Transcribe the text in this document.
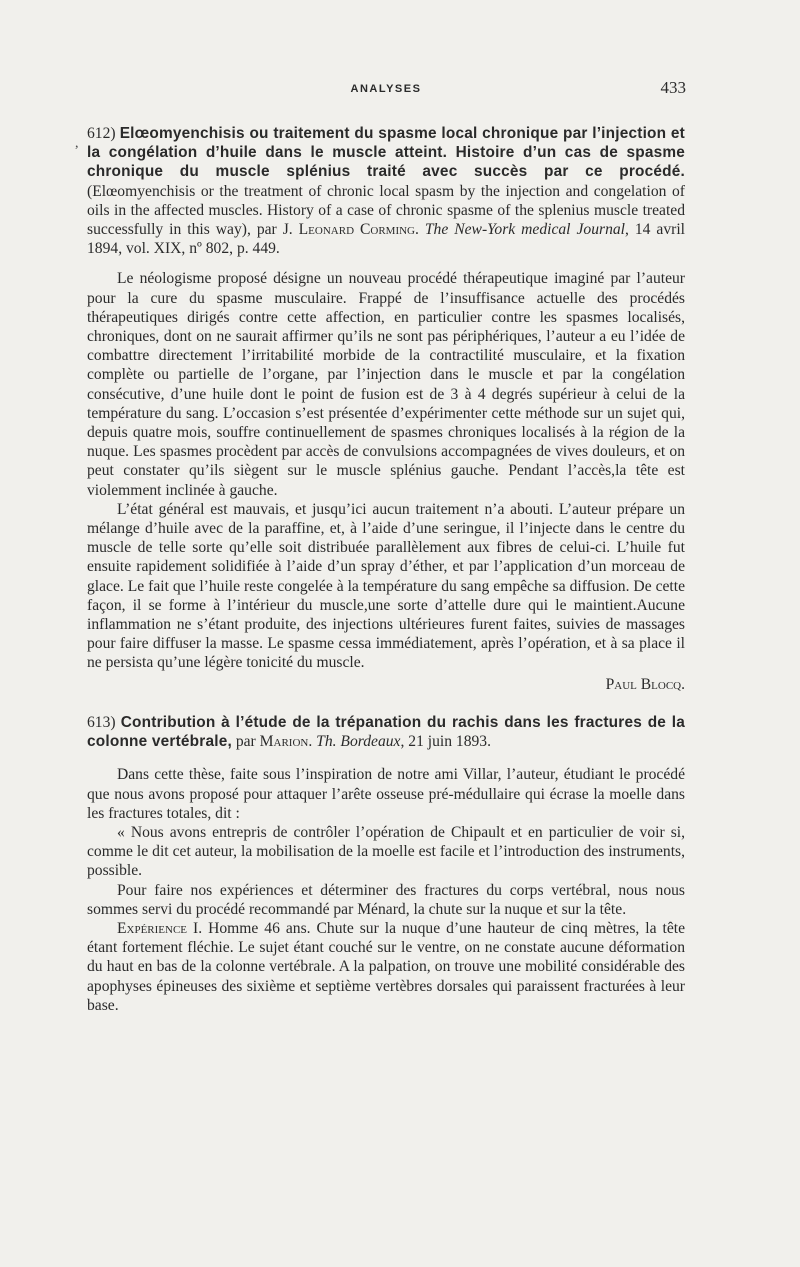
,
ANALYSES	433

612) Elœomyenchisis ou traitement du spasme local chronique par l’injection et la congélation d’huile dans le muscle atteint. Histoire d’un cas de spasme chronique du muscle splénius traité avec succès par ce procédé. (Elœomyenchisis or the treatment of chronic local spasm by the injection and congelation of oils in the affected muscles. History of a case of chronic spasme of the splenius muscle treated successfully in this way), par J. Leonard Corming. The New-York medical Journal, 14 avril 1894, vol. XIX, nº 802, p. 449.

Le néologisme proposé désigne un nouveau procédé thérapeutique imaginé par l’auteur pour la cure du spasme musculaire. Frappé de l’insuffisance actuelle des procédés thérapeutiques dirigés contre cette affection, en particulier contre les spasmes localisés, chroniques, dont on ne saurait affirmer qu’ils ne sont pas périphériques, l’auteur a eu l’idée de combattre directement l’irritabilité morbide de la contractilité musculaire, et la fixation complète ou partielle de l’organe, par l’injection dans le muscle et par la congélation consécutive, d’une huile dont le point de fusion est de 3 à 4 degrés supérieur à celui de la température du sang. L’occasion s’est présentée d’expérimenter cette méthode sur un sujet qui, depuis quatre mois, souffre continuellement de spasmes chroniques localisés à la région de la nuque. Les spasmes procèdent par accès de convulsions accompagnées de vives douleurs, et on peut constater qu’ils siègent sur le muscle splénius gauche. Pendant l’accès,la tête est violemment inclinée à gauche.

L’état général est mauvais, et jusqu’ici aucun traitement n’a abouti. L’auteur prépare un mélange d’huile avec de la paraffine, et, à l’aide d’une seringue, il l’injecte dans le centre du muscle de telle sorte qu’elle soit distribuée parallèlement aux fibres de celui-ci. L’huile fut ensuite rapidement solidifiée à l’aide d’un spray d’éther, et par l’application d’un morceau de glace. Le fait que l’huile reste congelée à la température du sang empêche sa diffusion. De cette façon, il se forme à l’intérieur du muscle,une sorte d’attelle dure qui le maintient.Aucune inflammation ne s’étant produite, des injections ultérieures furent faites, suivies de massages pour faire diffuser la masse. Le spasme cessa immédiatement, après l’opération, et à sa place il ne persista qu’une légère tonicité du muscle.

Paul Blocq.

613) Contribution à l’étude de la trépanation du rachis dans les fractures de la colonne vertébrale, par Marion. Th. Bordeaux, 21 juin 1893.

Dans cette thèse, faite sous l’inspiration de notre ami Villar, l’auteur, étudiant le procédé que nous avons proposé pour attaquer l’arête osseuse pré-médullaire qui écrase la moelle dans les fractures totales, dit :

« Nous avons entrepris de contrôler l’opération de Chipault et en particulier de voir si, comme le dit cet auteur, la mobilisation de la moelle est facile et l’introduction des instruments, possible.

Pour faire nos expériences et déterminer des fractures du corps vertébral, nous nous sommes servi du procédé recommandé par Ménard, la chute sur la nuque et sur la tête.

Expérience I. Homme 46 ans. Chute sur la nuque d’une hauteur de cinq mètres, la tête étant fortement fléchie. Le sujet étant couché sur le ventre, on ne constate aucune déformation du haut en bas de la colonne vertébrale. A la palpation, on trouve une mobilité considérable des apophyses épineuses des sixième et septième vertèbres dorsales qui paraissent fracturées à leur base.
